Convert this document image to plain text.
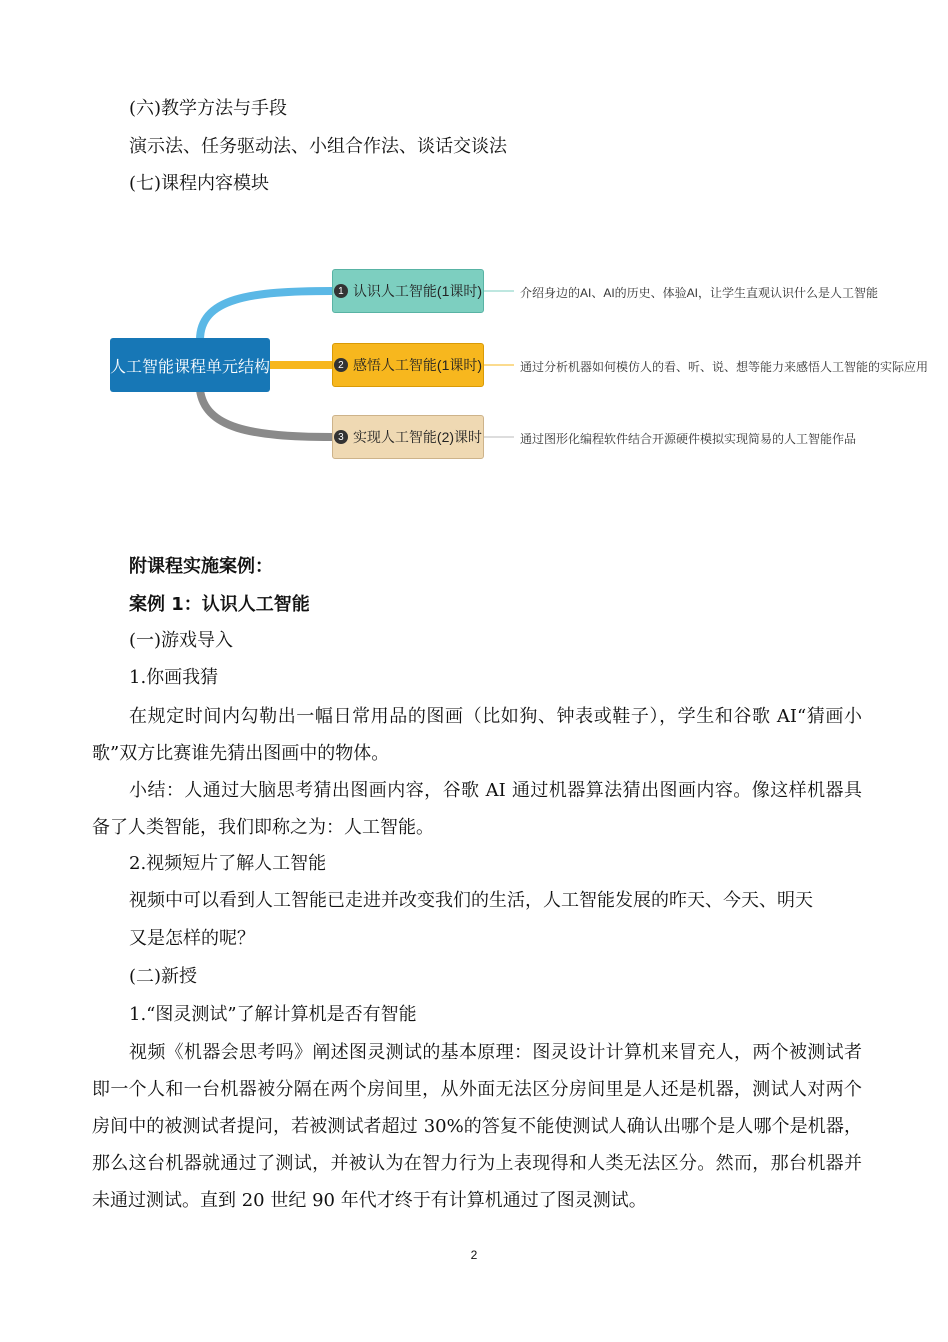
(六)教学方法与手段
演示法、任务驱动法、小组合作法、谈话交谈法
(七)课程内容模块
人工智能课程单元结构
1 认识人工智能(1课时)
2 感悟人工智能(1课时)
3 实现人工智能(2)课时
介绍身边的AI、AI的历史、体验AI，让学生直观认识什么是人工智能
通过分析机器如何模仿人的看、听、说、想等能力来感悟人工智能的实际应用
通过图形化编程软件结合开源硬件模拟实现简易的人工智能作品
附课程实施案例：
案例 1：认识人工智能
(一)游戏导入
1.你画我猜
在规定时间内勾勒出一幅日常用品的图画（比如狗、钟表或鞋子），学生和谷歌 AI“猜画小歌”双方比赛谁先猜出图画中的物体。
小结：人通过大脑思考猜出图画内容，谷歌 AI 通过机器算法猜出图画内容。像这样机器具备了人类智能，我们即称之为：人工智能。
2.视频短片了解人工智能
视频中可以看到人工智能已走进并改变我们的生活，人工智能发展的昨天、今天、明天
又是怎样的呢？
(二)新授
1.“图灵测试”了解计算机是否有智能
视频《机器会思考吗》阐述图灵测试的基本原理：图灵设计计算机来冒充人，两个被测试者即一个人和一台机器被分隔在两个房间里，从外面无法区分房间里是人还是机器，测试人对两个房间中的被测试者提问，若被测试者超过 30%的答复不能使测试人确认出哪个是人哪个是机器，那么这台机器就通过了测试，并被认为在智力行为上表现得和人类无法区分。然而，那台机器并未通过测试。直到 20 世纪 90 年代才终于有计算机通过了图灵测试。
2
